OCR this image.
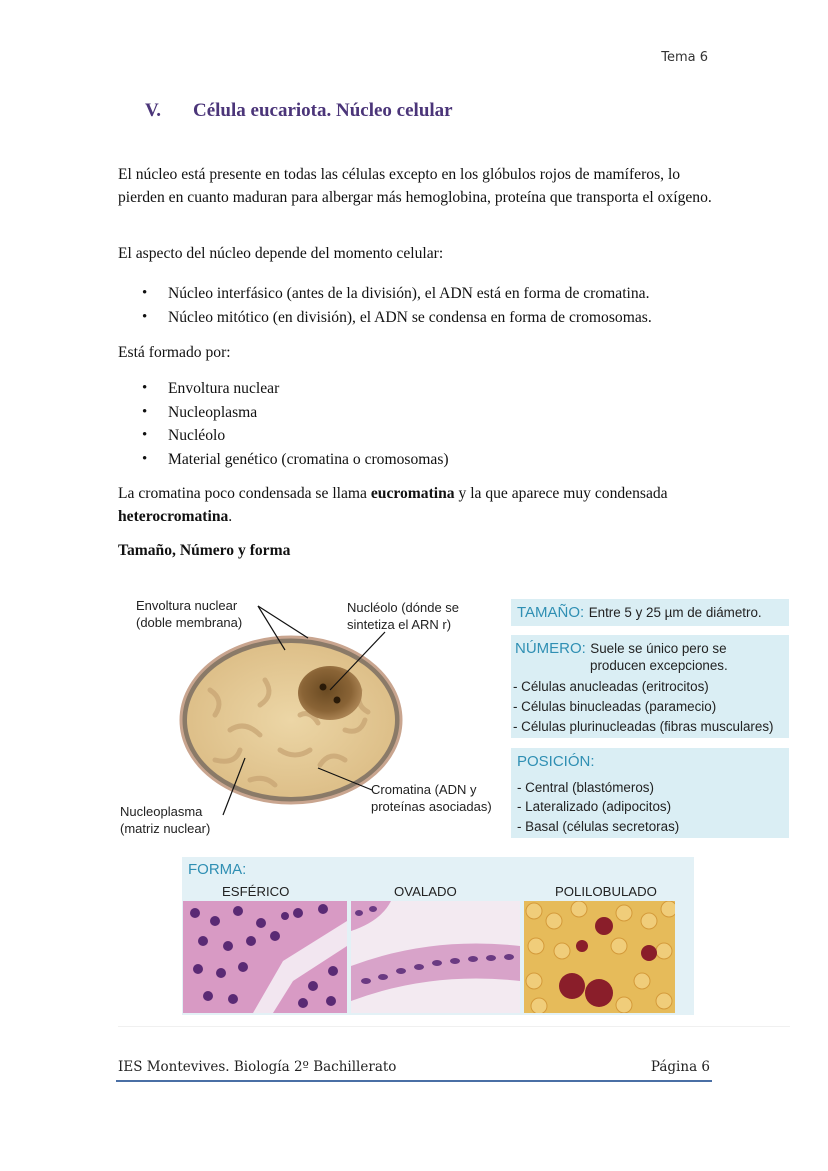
Tema 6
V. Célula eucariota. Núcleo celular
El núcleo está presente en todas las células excepto en los glóbulos rojos de mamíferos, lo pierden en cuanto maduran para albergar más hemoglobina, proteína que transporta el oxígeno.
El aspecto del núcleo depende del momento celular:
• Núcleo interfásico (antes de la división), el ADN está en forma de cromatina.
• Núcleo mitótico (en división), el ADN se condensa en forma de cromosomas.
Está formado por:
• Envoltura nuclear
• Nucleoplasma
• Nucléolo
• Material genético (cromatina o cromosomas)
La cromatina poco condensada se llama eucromatina y la que aparece muy condensada heterocromatina.
Tamaño, Número y forma
Envoltura nuclear
(doble membrana)
Nucléolo (dónde se
sintetiza el ARN r)
Cromatina (ADN y
proteínas asociadas)
Nucleoplasma
(matriz nuclear)
TAMAÑO: Entre 5 y 25 µm de diámetro.
NÚMERO: Suele se único pero se
producen excepciones.
- Células anucleadas (eritrocitos)
- Células binucleadas (paramecio)
- Células plurinucleadas (fibras musculares)
POSICIÓN:
- Central (blastómeros)
- Lateralizado (adipocitos)
- Basal (células secretoras)
FORMA:
ESFÉRICO	OVALADO	POLILOBULADO
IES Montevives. Biología 2º Bachillerato	Página 6
